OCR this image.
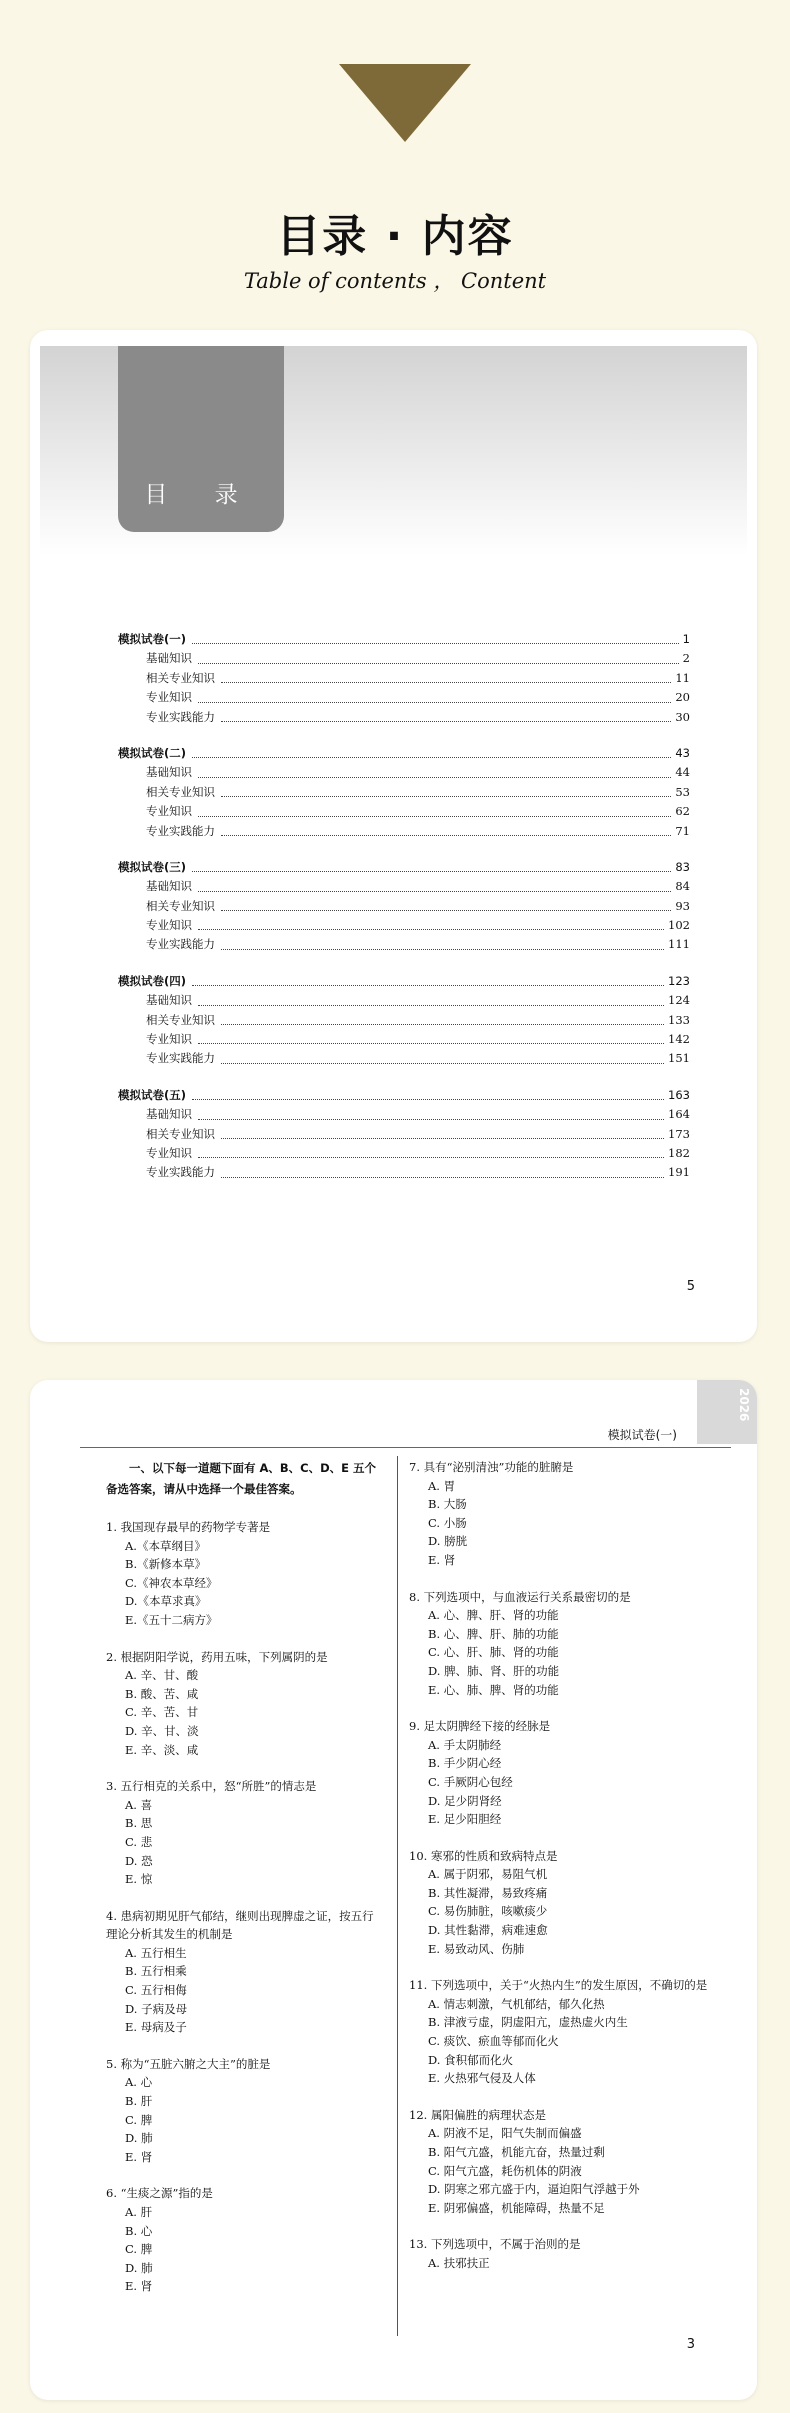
目录 · 内容
Table of contents ， Content
目 录
模拟试卷(一)	1
基础知识	2
相关专业知识	11
专业知识	20
专业实践能力	30
模拟试卷(二)	43
基础知识	44
相关专业知识	53
专业知识	62
专业实践能力	71
模拟试卷(三)	83
基础知识	84
相关专业知识	93
专业知识	102
专业实践能力	111
模拟试卷(四)	123
基础知识	124
相关专业知识	133
专业知识	142
专业实践能力	151
模拟试卷(五)	163
基础知识	164
相关专业知识	173
专业知识	182
专业实践能力	191
5
2026
模拟试卷(一)
一、以下每一道题下面有 A、B、C、D、E 五个备选答案，请从中选择一个最佳答案。
1. 我国现存最早的药物学专著是
A.《本草纲目》
B.《新修本草》
C.《神农本草经》
D.《本草求真》
E.《五十二病方》
2. 根据阴阳学说，药用五味，下列属阴的是
A. 辛、甘、酸
B. 酸、苦、咸
C. 辛、苦、甘
D. 辛、甘、淡
E. 辛、淡、咸
3. 五行相克的关系中，怒“所胜”的情志是
A. 喜
B. 思
C. 悲
D. 恐
E. 惊
4. 患病初期见肝气郁结，继则出现脾虚之证，按五行理论分析其发生的机制是
A. 五行相生
B. 五行相乘
C. 五行相侮
D. 子病及母
E. 母病及子
5. 称为“五脏六腑之大主”的脏是
A. 心
B. 肝
C. 脾
D. 肺
E. 肾
6. “生痰之源”指的是
A. 肝
B. 心
C. 脾
D. 肺
E. 肾
7. 具有“泌别清浊”功能的脏腑是
A. 胃
B. 大肠
C. 小肠
D. 膀胱
E. 肾
8. 下列选项中，与血液运行关系最密切的是
A. 心、脾、肝、肾的功能
B. 心、脾、肝、肺的功能
C. 心、肝、肺、肾的功能
D. 脾、肺、肾、肝的功能
E. 心、肺、脾、肾的功能
9. 足太阴脾经下接的经脉是
A. 手太阴肺经
B. 手少阴心经
C. 手厥阴心包经
D. 足少阴肾经
E. 足少阳胆经
10. 寒邪的性质和致病特点是
A. 属于阴邪，易阻气机
B. 其性凝滞，易致疼痛
C. 易伤肺脏，咳嗽痰少
D. 其性黏滞，病难速愈
E. 易致动风、伤肺
11. 下列选项中，关于“火热内生”的发生原因，不确切的是
A. 情志刺激，气机郁结，郁久化热
B. 津液亏虚，阴虚阳亢，虚热虚火内生
C. 痰饮、瘀血等郁而化火
D. 食积郁而化火
E. 火热邪气侵及人体
12. 属阳偏胜的病理状态是
A. 阴液不足，阳气失制而偏盛
B. 阳气亢盛，机能亢奋，热量过剩
C. 阳气亢盛，耗伤机体的阴液
D. 阴寒之邪亢盛于内，逼迫阳气浮越于外
E. 阴邪偏盛，机能障碍，热量不足
13. 下列选项中，不属于治则的是
A. 扶邪扶正
3
